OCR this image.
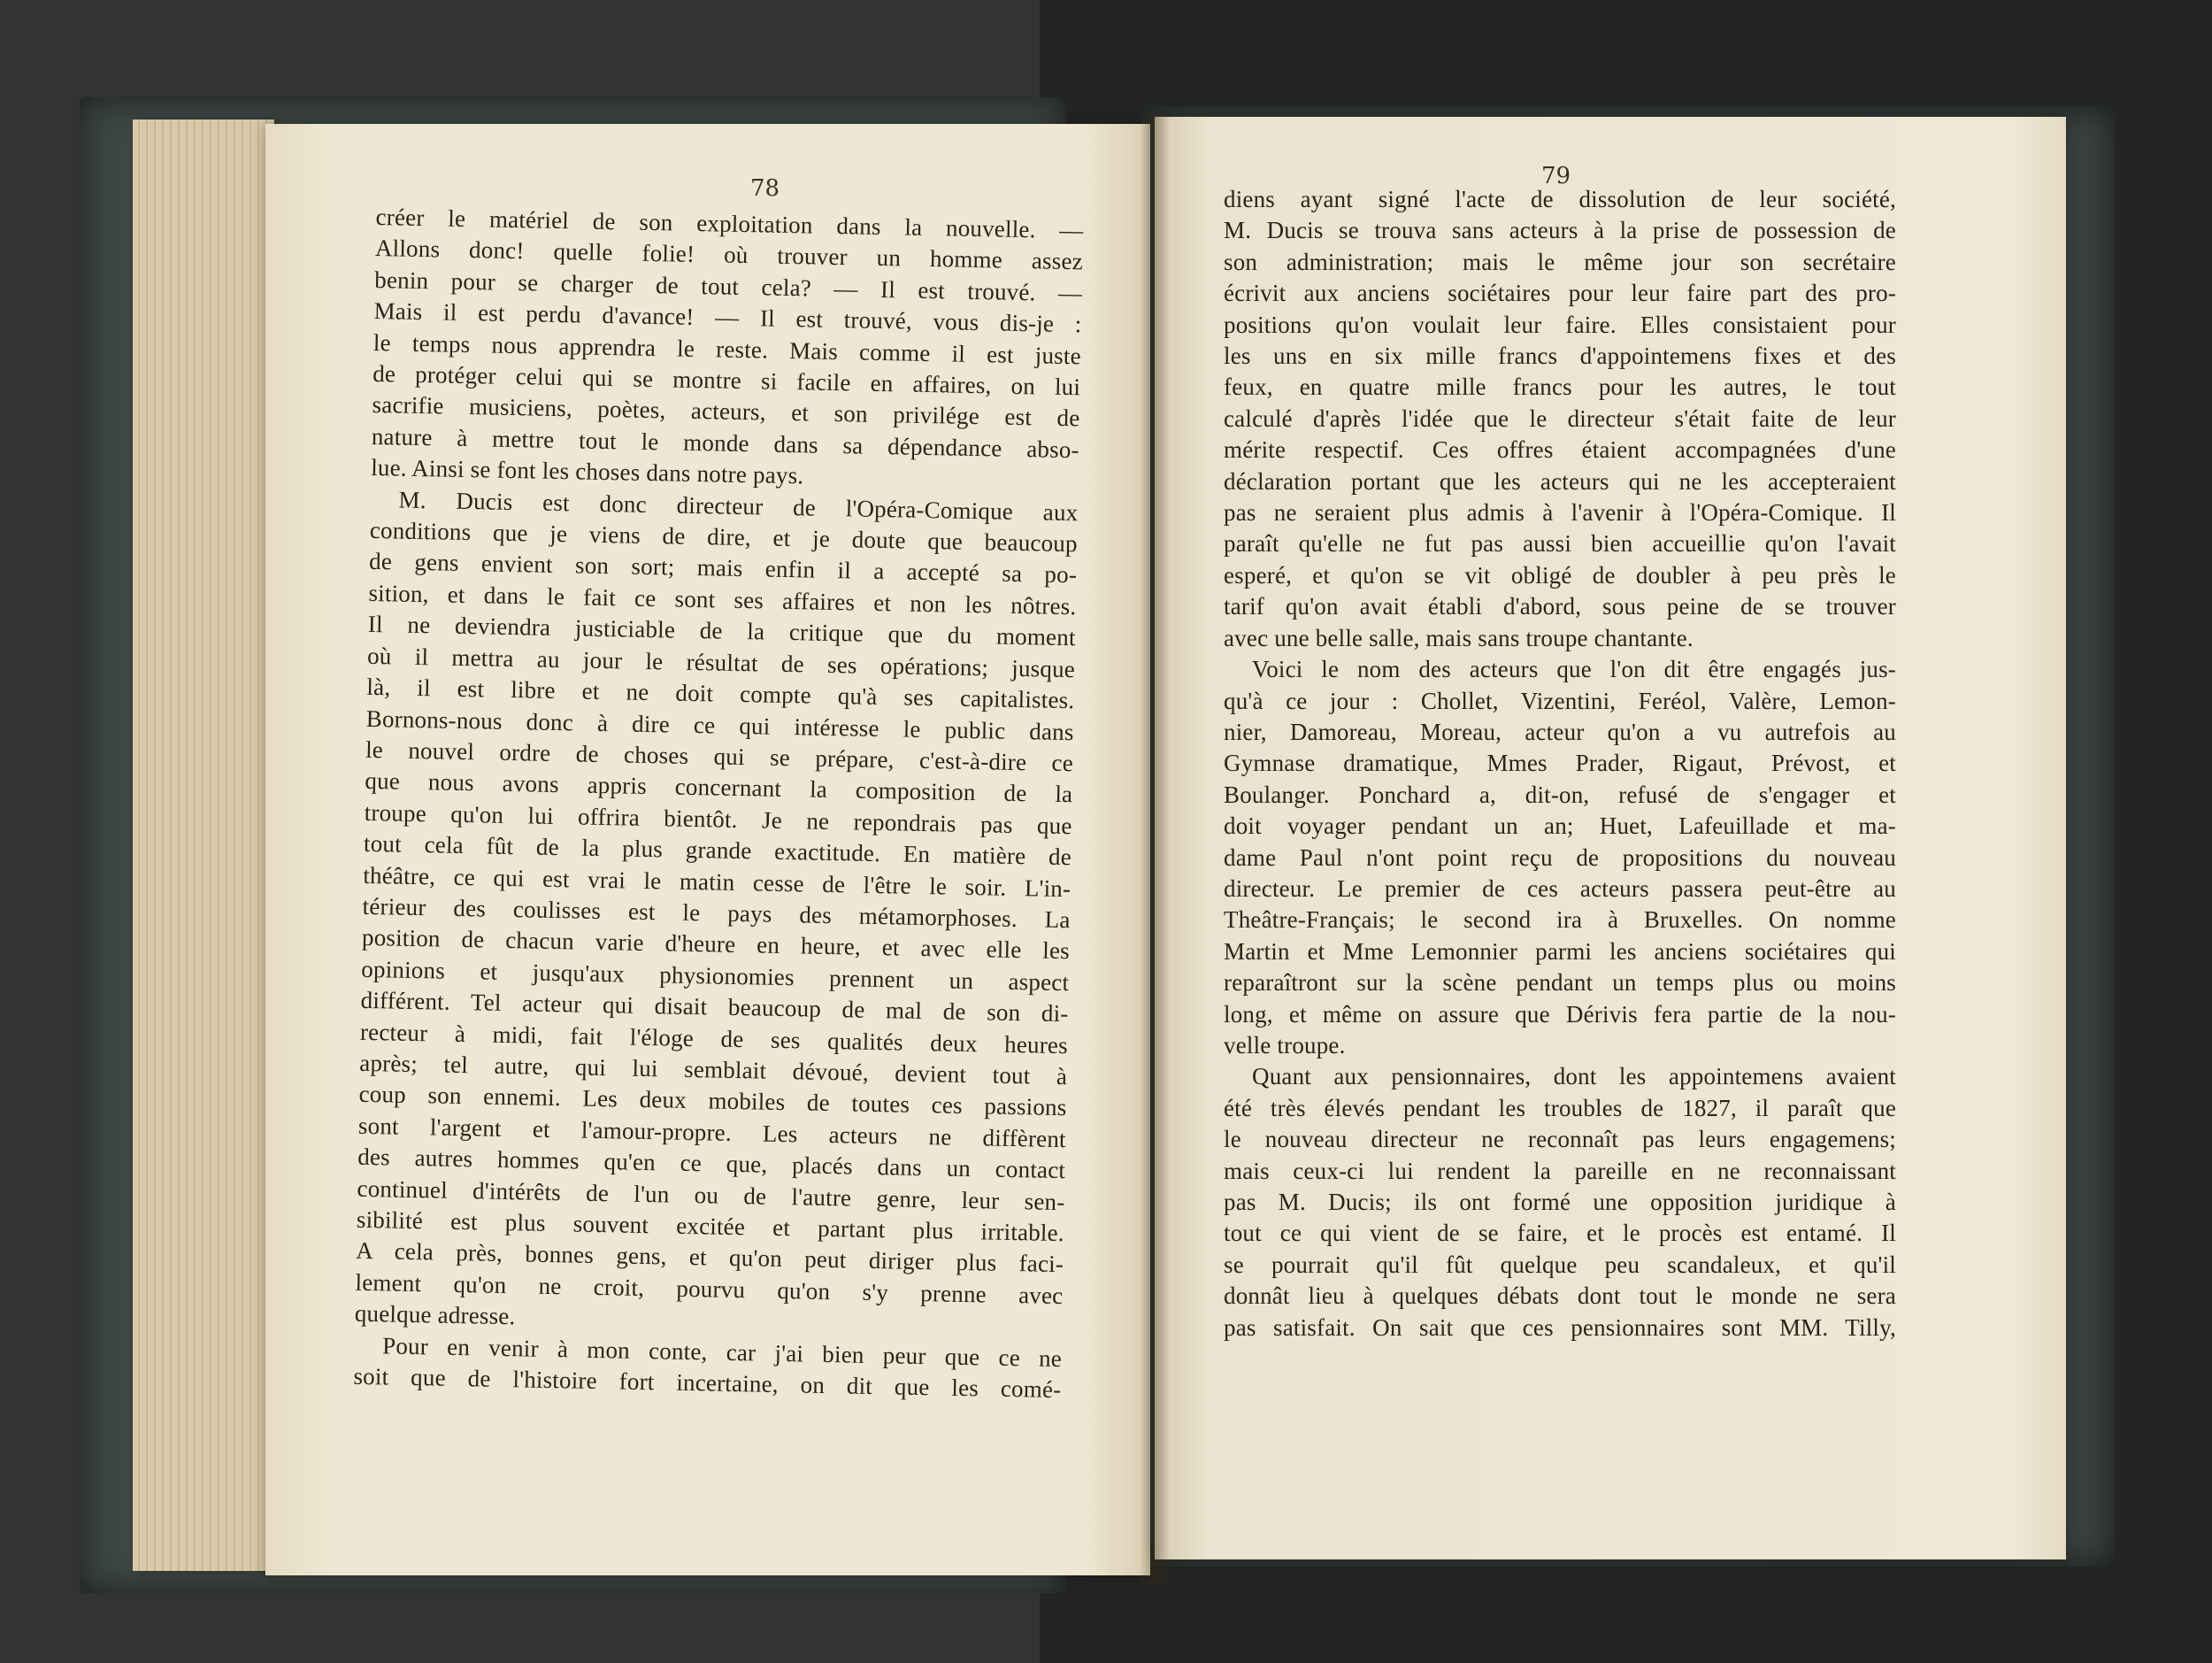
78	79
créer le matériel de son exploitation dans la nouvelle. —
Allons donc! quelle folie! où trouver un homme assez
benin pour se charger de tout cela? — Il est trouvé. —
Mais il est perdu d'avance! — Il est trouvé, vous dis-je :
le temps nous apprendra le reste. Mais comme il est juste
de protéger celui qui se montre si facile en affaires, on lui
sacrifie musiciens, poètes, acteurs, et son privilége est de
nature à mettre tout le monde dans sa dépendance abso-
lue. Ainsi se font les choses dans notre pays.
M. Ducis est donc directeur de l'Opéra-Comique aux
conditions que je viens de dire, et je doute que beaucoup
de gens envient son sort; mais enfin il a accepté sa po-
sition, et dans le fait ce sont ses affaires et non les nôtres.
Il ne deviendra justiciable de la critique que du moment
où il mettra au jour le résultat de ses opérations; jusque
là, il est libre et ne doit compte qu'à ses capitalistes.
Bornons-nous donc à dire ce qui intéresse le public dans
le nouvel ordre de choses qui se prépare, c'est-à-dire ce
que nous avons appris concernant la composition de la
troupe qu'on lui offrira bientôt. Je ne repondrais pas que
tout cela fût de la plus grande exactitude. En matière de
théâtre, ce qui est vrai le matin cesse de l'être le soir. L'in-
térieur des coulisses est le pays des métamorphoses. La
position de chacun varie d'heure en heure, et avec elle les
opinions et jusqu'aux physionomies prennent un aspect
différent. Tel acteur qui disait beaucoup de mal de son di-
recteur à midi, fait l'éloge de ses qualités deux heures
après; tel autre, qui lui semblait dévoué, devient tout à
coup son ennemi. Les deux mobiles de toutes ces passions
sont l'argent et l'amour-propre. Les acteurs ne diffèrent
des autres hommes qu'en ce que, placés dans un contact
continuel d'intérêts de l'un ou de l'autre genre, leur sen-
sibilité est plus souvent excitée et partant plus irritable.
A cela près, bonnes gens, et qu'on peut diriger plus faci-
lement qu'on ne croit, pourvu qu'on s'y prenne avec
quelque adresse.
Pour en venir à mon conte, car j'ai bien peur que ce ne
soit que de l'histoire fort incertaine, on dit que les comé-
diens ayant signé l'acte de dissolution de leur société,
M. Ducis se trouva sans acteurs à la prise de possession de
son administration; mais le même jour son secrétaire
écrivit aux anciens sociétaires pour leur faire part des pro-
positions qu'on voulait leur faire. Elles consistaient pour
les uns en six mille francs d'appointemens fixes et des
feux, en quatre mille francs pour les autres, le tout
calculé d'après l'idée que le directeur s'était faite de leur
mérite respectif. Ces offres étaient accompagnées d'une
déclaration portant que les acteurs qui ne les accepteraient
pas ne seraient plus admis à l'avenir à l'Opéra-Comique. Il
paraît qu'elle ne fut pas aussi bien accueillie qu'on l'avait
esperé, et qu'on se vit obligé de doubler à peu près le
tarif qu'on avait établi d'abord, sous peine de se trouver
avec une belle salle, mais sans troupe chantante.
Voici le nom des acteurs que l'on dit être engagés jus-
qu'à ce jour : Chollet, Vizentini, Feréol, Valère, Lemon-
nier, Damoreau, Moreau, acteur qu'on a vu autrefois au
Gymnase dramatique, Mmes Prader, Rigaut, Prévost, et
Boulanger. Ponchard a, dit-on, refusé de s'engager et
doit voyager pendant un an; Huet, Lafeuillade et ma-
dame Paul n'ont point reçu de propositions du nouveau
directeur. Le premier de ces acteurs passera peut-être au
Theâtre-Français; le second ira à Bruxelles. On nomme
Martin et Mme Lemonnier parmi les anciens sociétaires qui
reparaîtront sur la scène pendant un temps plus ou moins
long, et même on assure que Dérivis fera partie de la nou-
velle troupe.
Quant aux pensionnaires, dont les appointemens avaient
été très élevés pendant les troubles de 1827, il paraît que
le nouveau directeur ne reconnaît pas leurs engagemens;
mais ceux-ci lui rendent la pareille en ne reconnaissant
pas M. Ducis; ils ont formé une opposition juridique à
tout ce qui vient de se faire, et le procès est entamé. Il
se pourrait qu'il fût quelque peu scandaleux, et qu'il
donnât lieu à quelques débats dont tout le monde ne sera
pas satisfait. On sait que ces pensionnaires sont MM. Tilly,
